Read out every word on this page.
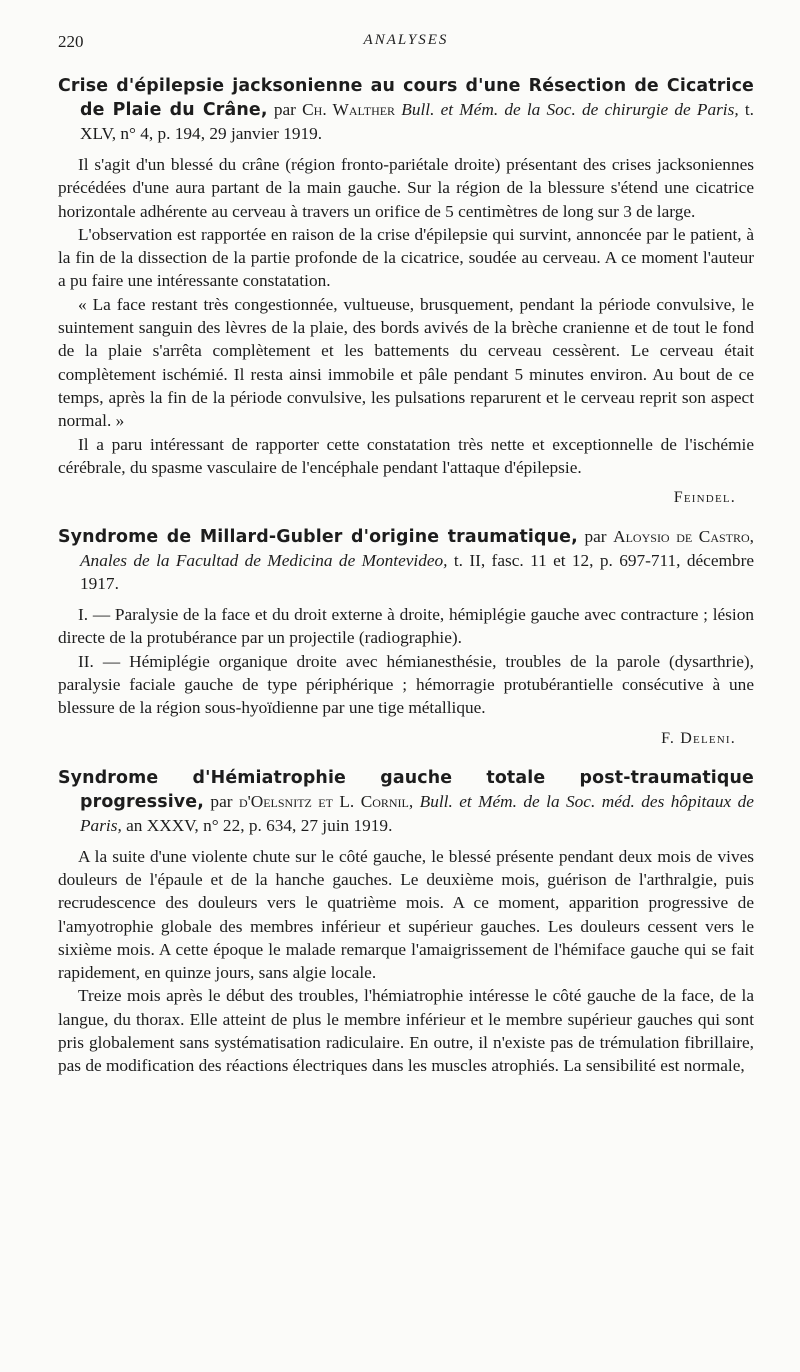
220	ANALYSES
Crise d'épilepsie jacksonienne au cours d'une Résection de Cicatrice de Plaie du Crâne, par Ch. Walther Bull. et Mém. de la Soc. de chirurgie de Paris, t. XLV, n° 4, p. 194, 29 janvier 1919.

Il s'agit d'un blessé du crâne (région fronto-pariétale droite) présentant des crises jacksoniennes précédées d'une aura partant de la main gauche. Sur la région de la blessure s'étend une cicatrice horizontale adhérente au cerveau à travers un orifice de 5 centimètres de long sur 3 de large.

L'observation est rapportée en raison de la crise d'épilepsie qui survint, annoncée par le patient, à la fin de la dissection de la partie profonde de la cicatrice, soudée au cerveau. A ce moment l'auteur a pu faire une intéressante constatation.

« La face restant très congestionnée, vultueuse, brusquement, pendant la période convulsive, le suintement sanguin des lèvres de la plaie, des bords avivés de la brèche cranienne et de tout le fond de la plaie s'arrêta complètement et les battements du cerveau cessèrent. Le cerveau était complètement ischémié. Il resta ainsi immobile et pâle pendant 5 minutes environ. Au bout de ce temps, après la fin de la période convulsive, les pulsations reparurent et le cerveau reprit son aspect normal. »

Il a paru intéressant de rapporter cette constatation très nette et exceptionnelle de l'ischémie cérébrale, du spasme vasculaire de l'encéphale pendant l'attaque d'épilepsie.

Feindel.
Syndrome de Millard-Gubler d'origine traumatique, par Aloysio de Castro, Anales de la Facultad de Medicina de Montevideo, t. II, fasc. 11 et 12, p. 697-711, décembre 1917.

I. — Paralysie de la face et du droit externe à droite, hémiplégie gauche avec contracture ; lésion directe de la protubérance par un projectile (radiographie).

II. — Hémiplégie organique droite avec hémianesthésie, troubles de la parole (dysarthrie), paralysie faciale gauche de type périphérique ; hémorragie protubérantielle consécutive à une blessure de la région sous-hyoïdienne par une tige métallique.

F. Deleni.
Syndrome d'Hémiatrophie gauche totale post-traumatique progressive, par d'Oelsnitz et L. Cornil, Bull. et Mém. de la Soc. méd. des hôpitaux de Paris, an XXXV, n° 22, p. 634, 27 juin 1919.

A la suite d'une violente chute sur le côté gauche, le blessé présente pendant deux mois de vives douleurs de l'épaule et de la hanche gauches. Le deuxième mois, guérison de l'arthralgie, puis recrudescence des douleurs vers le quatrième mois. A ce moment, apparition progressive de l'amyotrophie globale des membres inférieur et supérieur gauches. Les douleurs cessent vers le sixième mois. A cette époque le malade remarque l'amaigrissement de l'hémiface gauche qui se fait rapidement, en quinze jours, sans algie locale.

Treize mois après le début des troubles, l'hémiatrophie intéresse le côté gauche de la face, de la langue, du thorax. Elle atteint de plus le membre inférieur et le membre supérieur gauches qui sont pris globalement sans systématisation radiculaire. En outre, il n'existe pas de trémulation fibrillaire, pas de modification des réactions électriques dans les muscles atrophiés. La sensibilité est normale,
